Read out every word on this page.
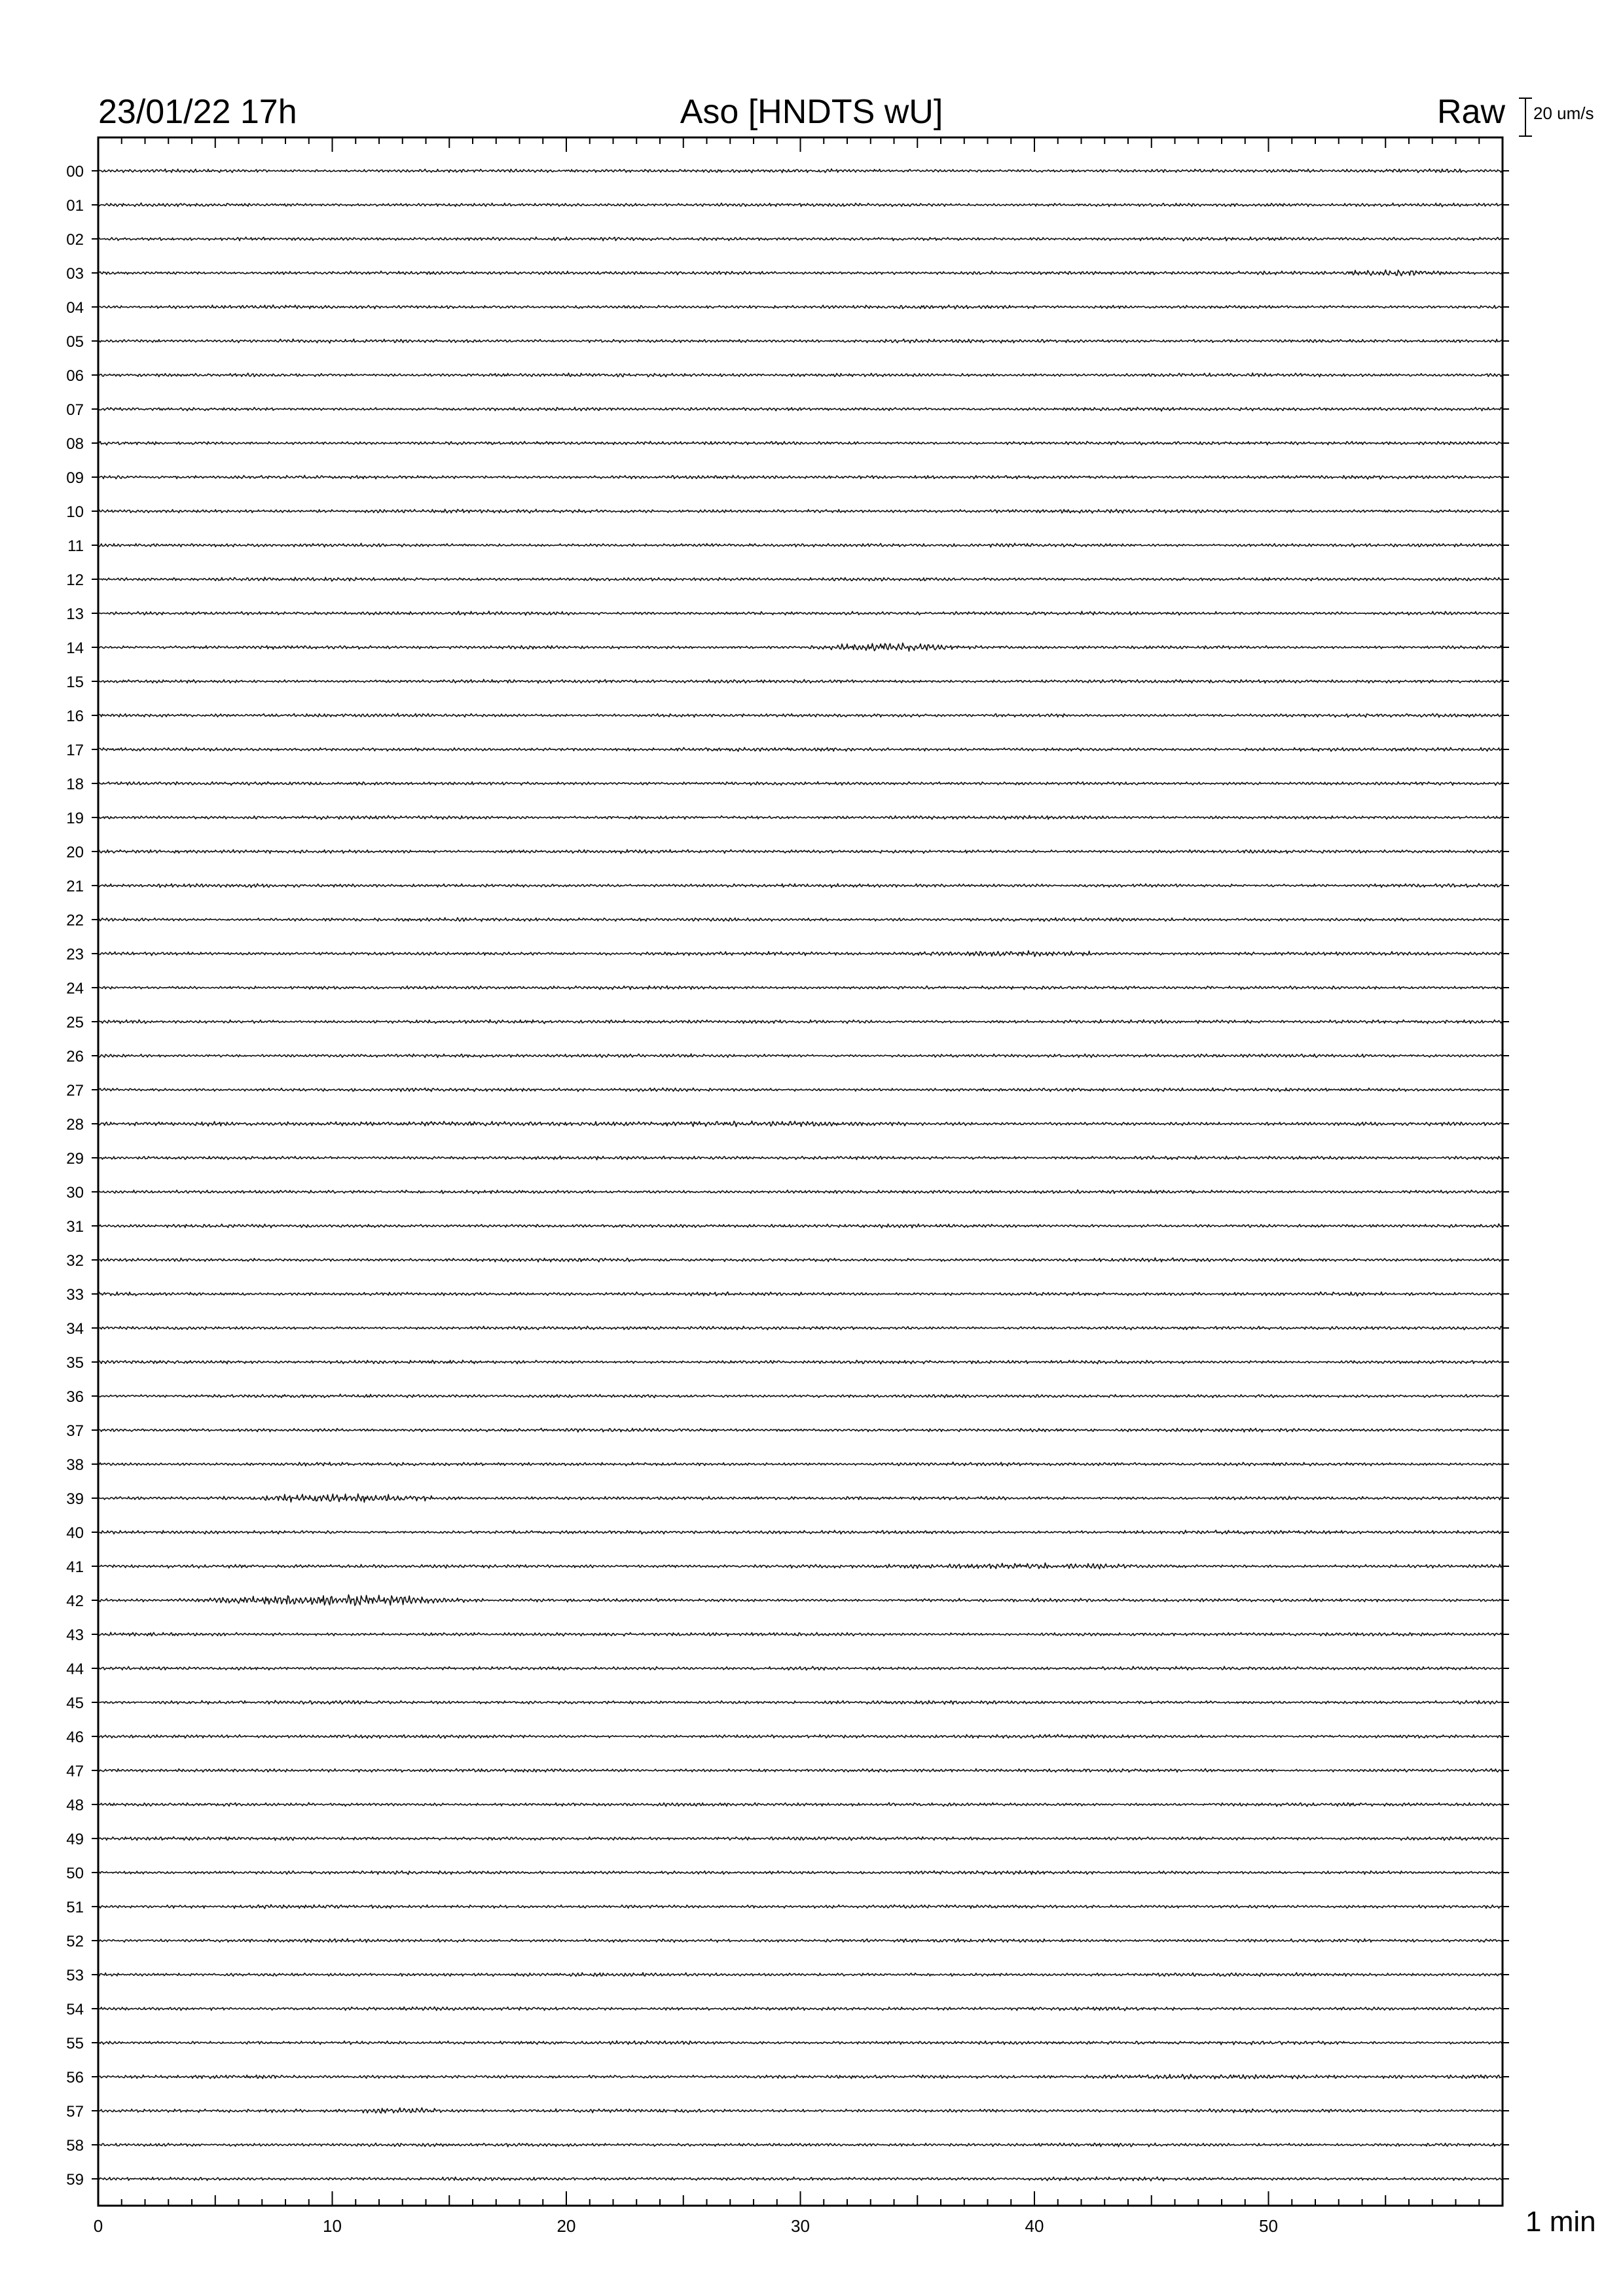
23/01/22 17h	Aso [HNDTS wU]	Raw 20 um/s
1 min
0	10	20	30	40	50
00
01
02
03
04
05
06
07
08
09
10
11
12
13
14
15
16
17
18
19
20
21
22
23
24
25
26
27
28
29
30
31
32
33
34
35
36
37
38
39
40
41
42
43
44
45
46
47
48
49
50
51
52
53
54
55
56
57
58
59
